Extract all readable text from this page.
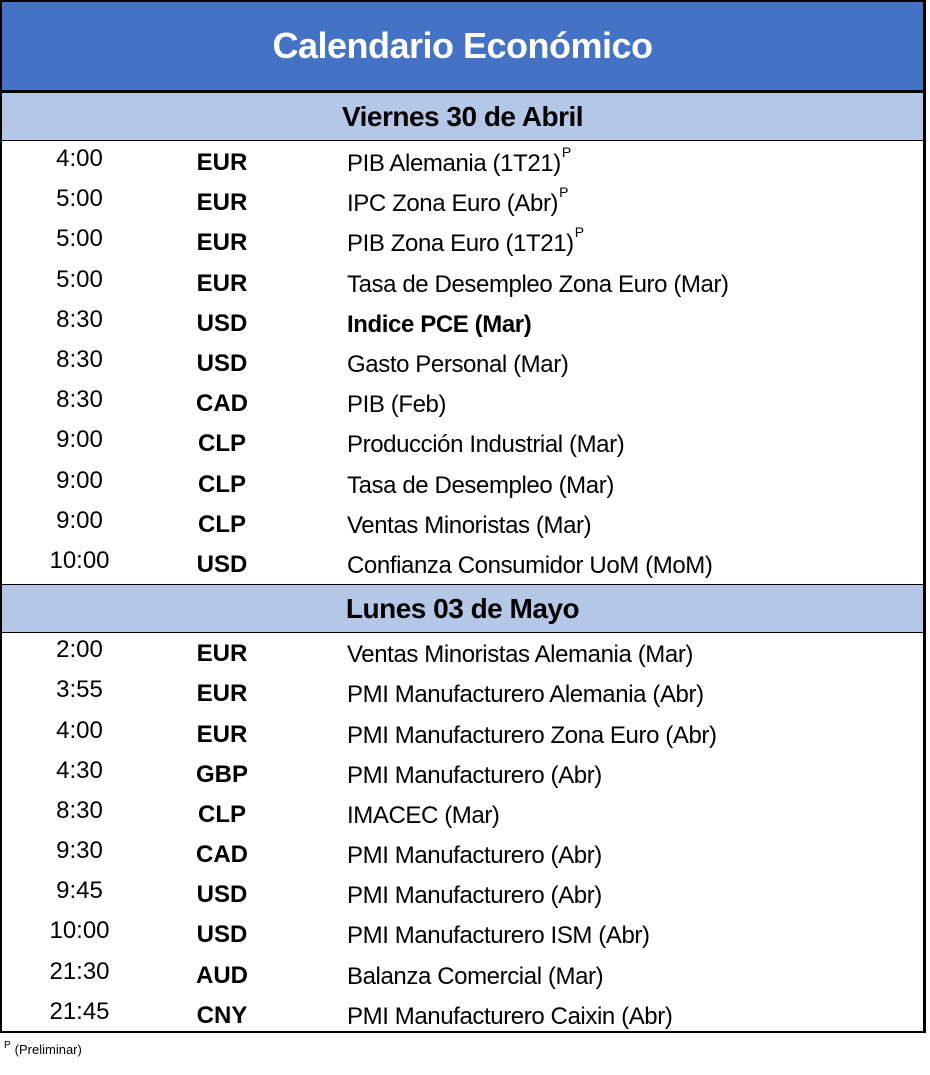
Calendario Económico
Viernes 30 de Abril
4:00	EUR	PIB Alemania $(1T21)^P$
5:00	EUR	IPC Zona Euro (Abr)$^P$
5:00	EUR	PIB Zona Euro $(1T21)^P$
5:00	EUR	Tasa de Desempleo Zona Euro (Mar)
8:30	USD	Indice PCE (Mar)
8:30	USD	Gasto Personal (Mar)
8:30	CAD	PIB (Feb)
9:00	CLP	Producción Industrial (Mar)
9:00	CLP	Tasa de Desempleo (Mar)
9:00	CLP	Ventas Minoristas (Mar)
10:00	USD	Confianza Consumidor UoM (MoM)
Lunes 03 de Mayo
2:00	EUR	Ventas Minoristas Alemania (Mar)
3:55	EUR	PMI Manufacturero Alemania (Abr)
4:00	EUR	PMI Manufacturero Zona Euro (Abr)
4:30	GBP	PMI Manufacturero (Abr)
8:30	CLP	IMACEC (Mar)
9:30	CAD	PMI Manufacturero (Abr)
9:45	USD	PMI Manufacturero (Abr)
10:00	USD	PMI Manufacturero ISM (Abr)
21:30	AUD	Balanza Comercial (Mar)
21:45	CNY	PMI Manufacturero Caixin (Abr)
$^P$ (Preliminar)
